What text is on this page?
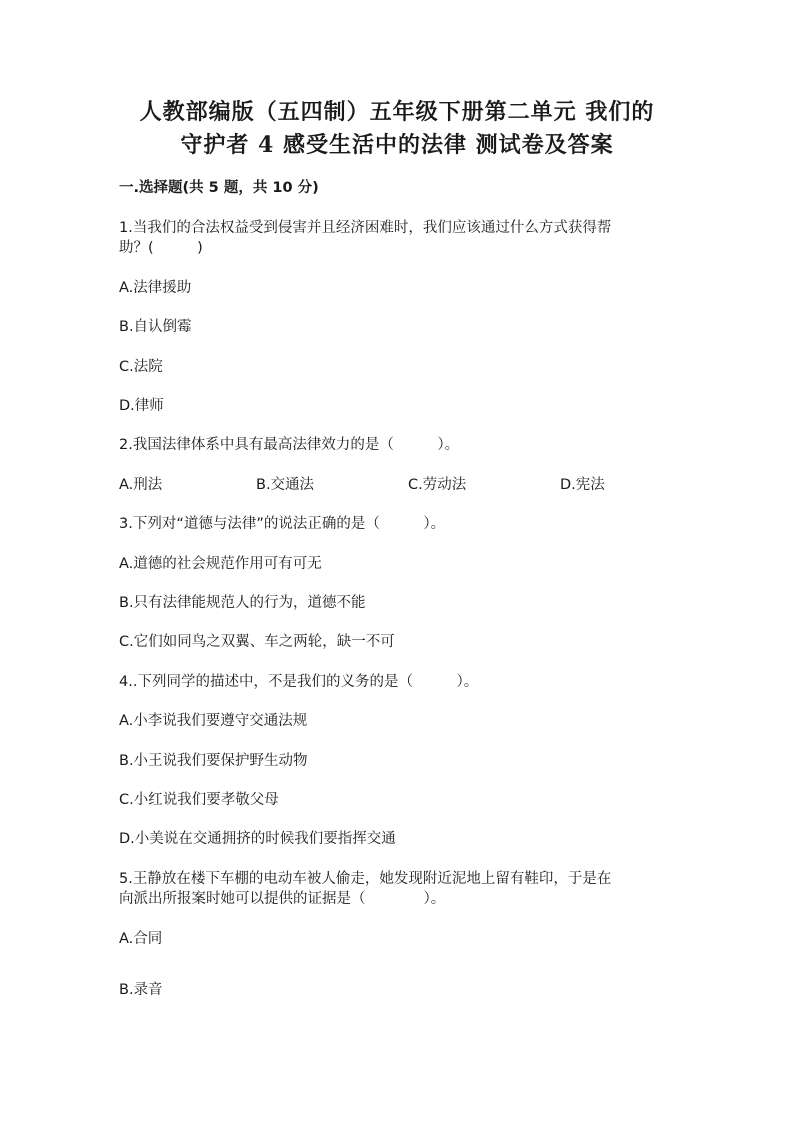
人教部编版（五四制）五年级下册第二单元 我们的
守护者 4 感受生活中的法律 测试卷及答案
一.选择题(共 5 题，共 10 分)
1.当我们的合法权益受到侵害并且经济困难时，我们应该通过什么方式获得帮
助？(　　　)
A.法律援助
B.自认倒霉
C.法院
D.律师
2.我国法律体系中具有最高法律效力的是（　　　）。
A.刑法	B.交通法	C.劳动法	D.宪法
3.下列对“道德与法律”的说法正确的是（　　　）。
A.道德的社会规范作用可有可无
B.只有法律能规范人的行为，道德不能
C.它们如同鸟之双翼、车之两轮，缺一不可
4..下列同学的描述中，不是我们的义务的是（　　　）。
A.小李说我们要遵守交通法规
B.小王说我们要保护野生动物
C.小红说我们要孝敬父母
D.小美说在交通拥挤的时候我们要指挥交通
5.王静放在楼下车棚的电动车被人偷走，她发现附近泥地上留有鞋印，于是在
向派出所报案时她可以提供的证据是（　　　　）。
A.合同
B.录音
